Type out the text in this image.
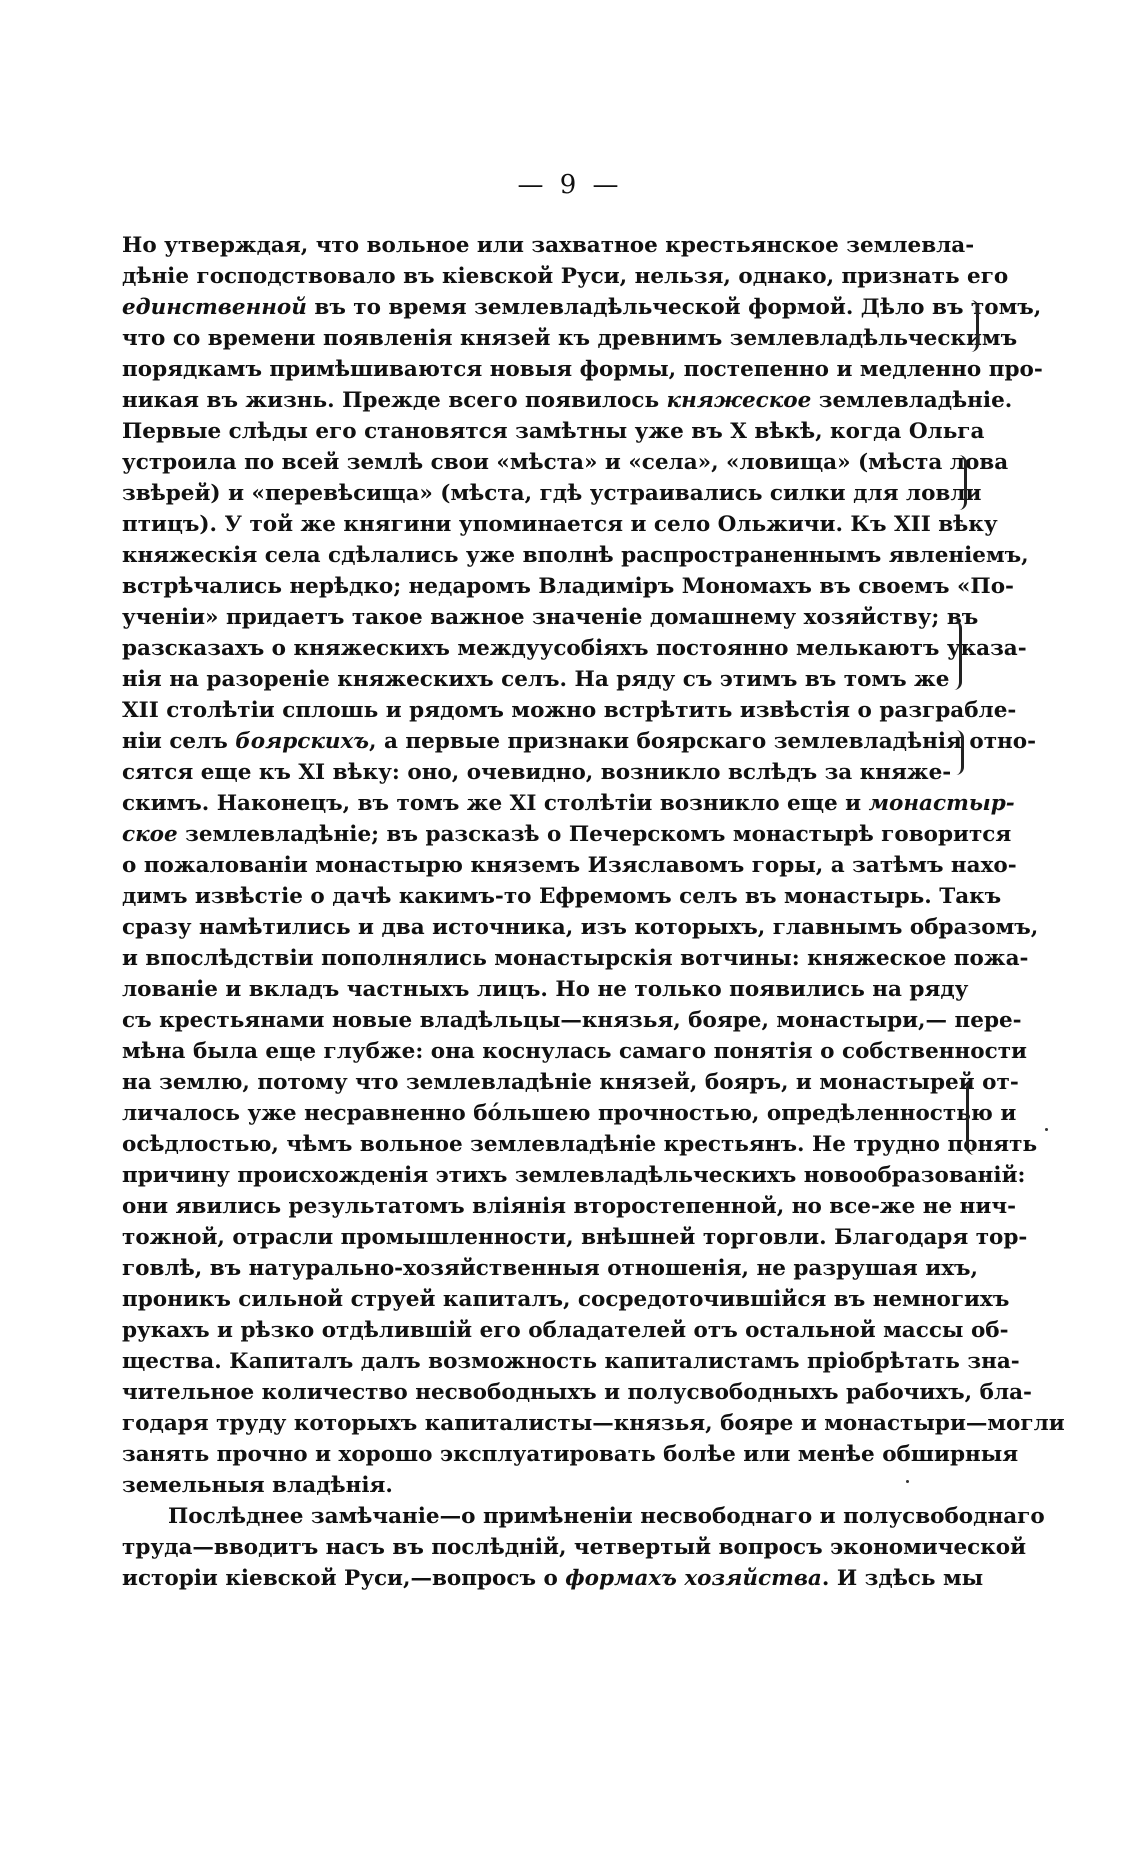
— 9 —
Но утверждая, что вольное или захватное крестьянское землевла-
дѣніе господствовало въ кіевской Руси, нельзя, однако, признать его
единственной въ то время землевладѣльческой формой. Дѣло въ томъ,
что со времени появленія князей къ древнимъ землевладѣльческимъ
порядкамъ примѣшиваются новыя формы, постепенно и медленно про-
никая въ жизнь. Прежде всего появилось княжеское землевладѣніе.
Первые слѣды его становятся замѣтны уже въ X вѣкѣ, когда Ольга
устроила по всей землѣ свои «мѣста» и «села», «ловища» (мѣста лова
звѣрей) и «перевѣсища» (мѣста, гдѣ устраивались силки для ловли
птицъ). У той же княгини упоминается и село Ольжичи. Къ XII вѣку
княжескія села сдѣлались уже вполнѣ распространеннымъ явленіемъ,
встрѣчались нерѣдко; недаромъ Владиміръ Мономахъ въ своемъ «По-
ученіи» придаетъ такое важное значеніе домашнему хозяйству; въ
разсказахъ о княжескихъ междуусобіяхъ постоянно мелькаютъ указа-
нія на разореніе княжескихъ селъ. На ряду съ этимъ въ томъ же
XII столѣтіи сплошь и рядомъ можно встрѣтить извѣстія о разграбле-
ніи селъ боярскихъ, а первые признаки боярскаго землевладѣнія отно-
сятся еще къ XI вѣку: оно, очевидно, возникло вслѣдъ за княже-
скимъ. Наконецъ, въ томъ же XI столѣтіи возникло еще и монастыр-
ское землевладѣніе; въ разсказѣ о Печерскомъ монастырѣ говорится
о пожалованіи монастырю княземъ Изяславомъ горы, а затѣмъ нахо-
димъ извѣстіе о дачѣ какимъ-то Ефремомъ селъ въ монастырь. Такъ
сразу намѣтились и два источника, изъ которыхъ, главнымъ образомъ,
и впослѣдствіи пополнялись монастырскія вотчины: княжеское пожа-
лованіе и вкладъ частныхъ лицъ. Но не только появились на ряду
съ крестьянами новые владѣльцы—князья, бояре, монастыри,— пере-
мѣна была еще глубже: она коснулась самаго понятія о собственности
на землю, потому что землевладѣніе князей, бояръ, и монастырей от-
личалось уже несравненно бо́льшею прочностью, опредѣленностью и
осѣдлостью, чѣмъ вольное землевладѣніе крестьянъ. Не трудно понять
причину происхожденія этихъ землевладѣльческихъ новообразованій:
они явились результатомъ вліянія второстепенной, но все-же не нич-
тожной, отрасли промышленности, внѣшней торговли. Благодаря тор-
говлѣ, въ натурально-хозяйственныя отношенія, не разрушая ихъ,
проникъ сильной струей капиталъ, сосредоточившійся въ немногихъ
рукахъ и рѣзко отдѣлившій его обладателей отъ остальной массы об-
щества. Капиталъ далъ возможность капиталистамъ пріобрѣтать зна-
чительное количество несвободныхъ и полусвободныхъ рабочихъ, бла-
годаря труду которыхъ капиталисты—князья, бояре и монастыри—могли
занять прочно и хорошо эксплуатировать болѣе или менѣе обширныя
земельныя владѣнія.
Послѣднее замѣчаніе—о примѣненіи несвободнаго и полусвободнаго
труда—вводитъ насъ въ послѣдній, четвертый вопросъ экономической
исторіи кіевской Руси,—вопросъ о формахъ хозяйства. И здѣсь мы
